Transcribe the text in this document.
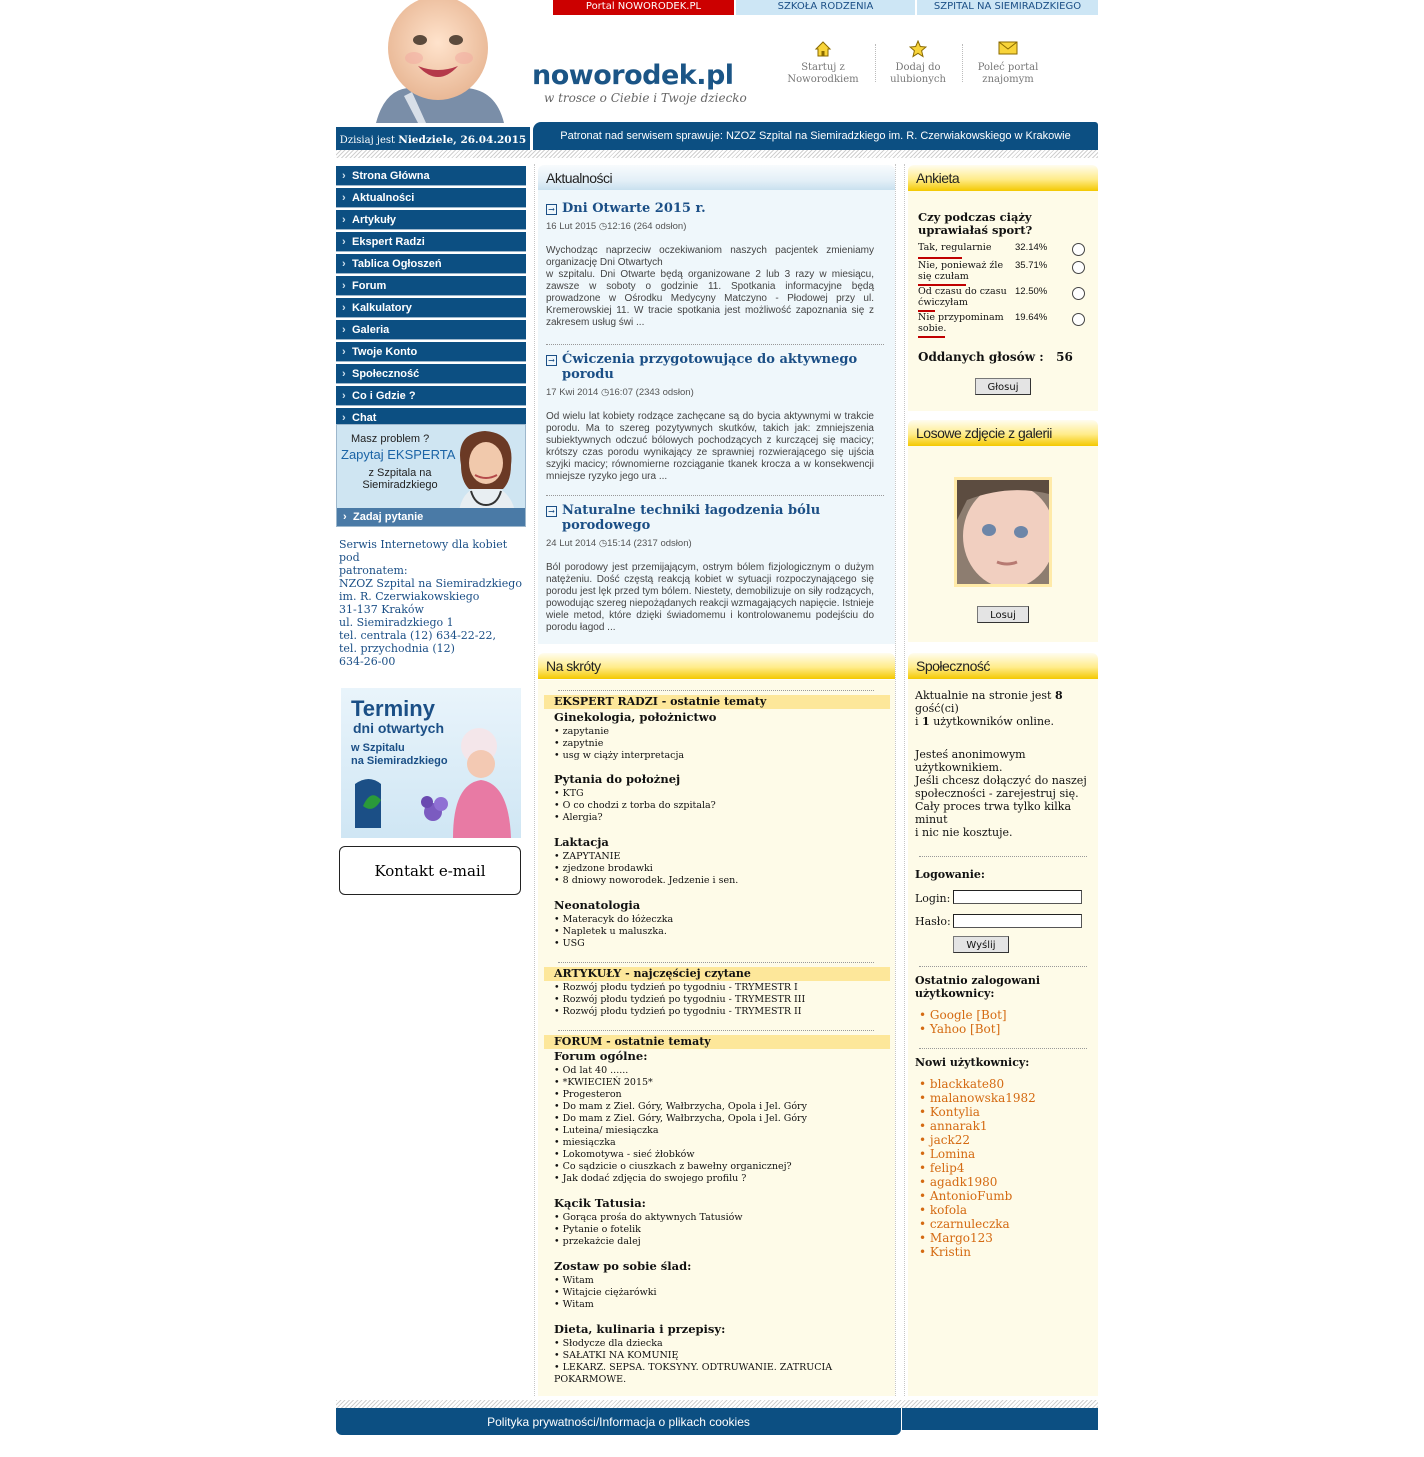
Portal NOWORODEK.PL	SZKOŁA RODZENIA	SZPITAL NA SIEMIRADZKIEGO
noworodek.pl
w trosce o Ciebie i Twoje dziecko
Startuj z Noworodkiem
Dodaj do ulubionych
Poleć portal znajomym
Dzisiaj jest Niedziele, 26.04.2015	Patronat nad serwisem sprawuje: NZOZ Szpital na Siemiradzkiego im. R. Czerwiakowskiego w Krakowie
› Strona Główna
› Aktualności
› Artykuły
› Ekspert Radzi
› Tablica Ogłoszeń
› Forum
› Kalkulatory
› Galeria
› Twoje Konto
› Społeczność
› Co i Gdzie ?
› Chat
Masz problem ?
Zapytaj EKSPERTA
z Szpitala na Siemiradzkiego
› Zadaj pytanie
Serwis Internetowy dla kobiet pod
patronatem:
NZOZ Szpital na Siemiradzkiego
im. R. Czerwiakowskiego
31-137 Kraków
ul. Siemiradzkiego 1
tel. centrala (12) 634-22-22,
tel. przychodnia (12)
634-26-00
Terminy
dni otwartych
w Szpitalu
na Siemiradzkiego
Kontakt e-mail
Aktualności
→ Dni Otwarte 2015 r.
16 Lut 2015 ◷12:16 (264 odsłon)
Wychodząc naprzeciw oczekiwaniom naszych pacjentek zmieniamy organizację Dni Otwartych
w szpitalu. Dni Otwarte będą organizowane 2 lub 3 razy w miesiącu, zawsze w soboty o godzinie 11. Spotkania informacyjne będą prowadzone w Ośrodku Medycyny Matczyno - Płodowej przy ul. Kremerowskiej 11. W tracie spotkania jest możliwość zapoznania się z zakresem usług świ ...
→ Ćwiczenia przygotowujące do aktywnego porodu
17 Kwi 2014 ◷16:07 (2343 odsłon)
Od wielu lat kobiety rodzące zachęcane są do bycia aktywnymi w trakcie porodu. Ma to szereg pozytywnych skutków, takich jak: zmniejszenia subiektywnych odczuć bólowych pochodzących z kurczącej się macicy; krótszy czas porodu wynikający ze sprawniej rozwierającego się ujścia szyjki macicy; równomierne rozciąganie tkanek krocza a w konsekwencji mniejsze ryzyko jego ura ...
→ Naturalne techniki łagodzenia bólu porodowego
24 Lut 2014 ◷15:14 (2317 odsłon)
Ból porodowy jest przemijającym, ostrym bólem fizjologicznym o dużym natężeniu. Dość częstą reakcją kobiet w sytuacji rozpoczynającego się porodu jest lęk przed tym bólem. Niestety, demobilizuje on siły rodzących, powodując szereg niepożądanych reakcji wzmagających napięcie. Istnieje wiele metod, które dzięki świadomemu i kontrolowanemu podejściu do porodu łagod ...
Na skróty
EKSPERT RADZI - ostatnie tematy
Ginekologia, położnictwo
• zapytanie
• zapytnie
• usg w ciąży interpretacja
Pytania do położnej
• KTG
• O co chodzi z torba do szpitala?
• Alergia?
Laktacja
• ZAPYTANIE
• zjedzone brodawki
• 8 dniowy noworodek. Jedzenie i sen.
Neonatologia
• Materacyk do łóżeczka
• Napletek u maluszka.
• USG
ARTYKUŁY - najczęściej czytane
• Rozwój płodu tydzień po tygodniu - TRYMESTR I
• Rozwój płodu tydzień po tygodniu - TRYMESTR III
• Rozwój płodu tydzień po tygodniu - TRYMESTR II
FORUM - ostatnie tematy
Forum ogólne:
• Od lat 40 ......
• *KWIECIEŃ 2015*
• Progesteron
• Do mam z Ziel. Góry, Wałbrzycha, Opola i Jel. Góry
• Do mam z Ziel. Góry, Wałbrzycha, Opola i Jel. Góry
• Luteina/ miesiączka
• miesiączka
• Lokomotywa - sieć żłobków
• Co sądzicie o ciuszkach z bawełny organicznej?
• Jak dodać zdjęcia do swojego profilu ?
Kącik Tatusia:
• Gorąca prośa do aktywnych Tatusiów
• Pytanie o fotelik
• przekażcie dalej
Zostaw po sobie ślad:
• Witam
• Witajcie ciężarówki
• Witam
Dieta, kulinaria i przepisy:
• Słodycze dla dziecka
• SAŁATKI NA KOMUNIĘ
• LEKARZ. SEPSA. TOKSYNY. ODTRUWANIE. ZATRUCIA POKARMOWE.
Ankieta
Czy podczas ciąży uprawiałaś sport?
Tak, regularnie	32.14%
Nie, ponieważ źle się czułam
35.71%
Od czasu do czasu ćwiczyłam
12.50%
Nie przypominam sobie.
19.64%
Oddanych głosów : 56
Głosuj
Losowe zdjęcie z galerii
Losuj
Społeczność
Aktualnie na stronie jest 8 gość(ci)
i 1 użytkowników online.
Jesteś anonimowym użytkownikiem.
Jeśli chcesz dołączyć do naszej społeczności - zarejestruj się.
Cały proces trwa tylko kilka minut
i nic nie kosztuje.
Logowanie:
Login:
Hasło:
Wyślij
Ostatnio zalogowani użytkownicy:
• Google [Bot]
• Yahoo [Bot]
Nowi użytkownicy:
• blackkate80
• malanowska1982
• Kontylia
• annarak1
• jack22
• Lomina
• felip4
• agadk1980
• AntonioFumb
• kofola
• czarnuleczka
• Margo123
• Kristin
Polityka prywatności/Informacja o plikach cookies
